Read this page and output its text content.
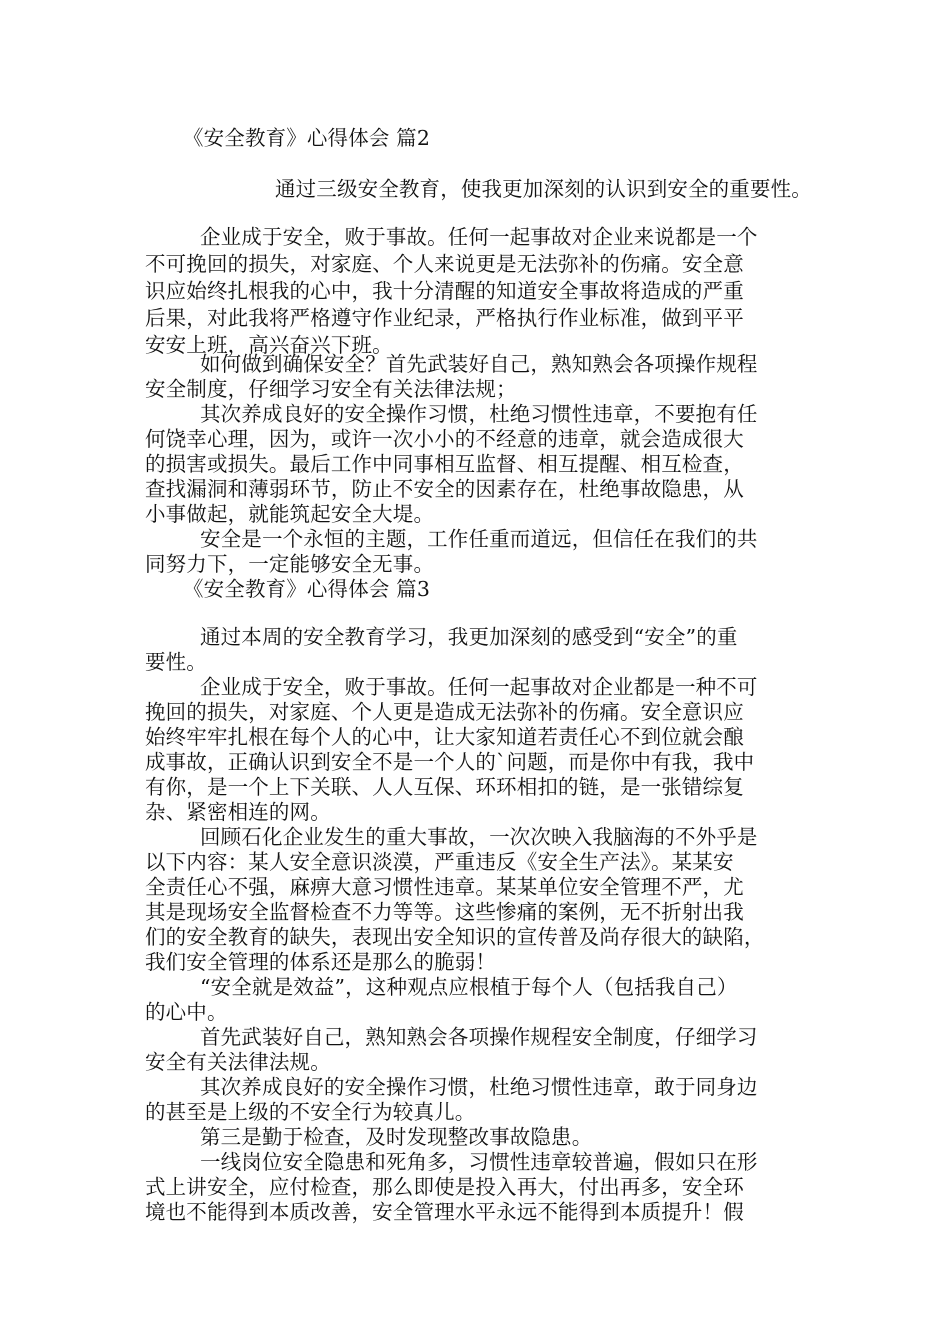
《安全教育》心得体会 篇2
通过三级安全教育，使我更加深刻的认识到安全的重要性。
企业成于安全，败于事故。任何一起事故对企业来说都是一个
不可挽回的损失，对家庭、个人来说更是无法弥补的伤痛。安全意
识应始终扎根我的心中，我十分清醒的知道安全事故将造成的严重
后果，对此我将严格遵守作业纪录，严格执行作业标准，做到平平
安安上班，高兴奋兴下班。
如何做到确保安全？首先武装好自己，熟知熟会各项操作规程
安全制度，仔细学习安全有关法律法规；
其次养成良好的安全操作习惯，杜绝习惯性违章，不要抱有任
何饶幸心理，因为，或许一次小小的不经意的违章，就会造成很大
的损害或损失。最后工作中同事相互监督、相互提醒、相互检查，
查找漏洞和薄弱环节，防止不安全的因素存在，杜绝事故隐患，从
小事做起，就能筑起安全大堤。
安全是一个永恒的主题，工作任重而道远，但信任在我们的共
同努力下，一定能够安全无事。
《安全教育》心得体会 篇3
通过本周的安全教育学习，我更加深刻的感受到“安全”的重
要性。
企业成于安全，败于事故。任何一起事故对企业都是一种不可
挽回的损失，对家庭、个人更是造成无法弥补的伤痛。安全意识应
始终牢牢扎根在每个人的心中，让大家知道若责任心不到位就会酿
成事故，正确认识到安全不是一个人的`问题，而是你中有我，我中
有你，是一个上下关联、人人互保、环环相扣的链，是一张错综复
杂、紧密相连的网。
回顾石化企业发生的重大事故，一次次映入我脑海的不外乎是
以下内容：某人安全意识淡漠，严重违反《安全生产法》。某某安
全责任心不强，麻痹大意习惯性违章。某某单位安全管理不严，尤
其是现场安全监督检查不力等等。这些惨痛的案例，无不折射出我
们的安全教育的缺失，表现出安全知识的宣传普及尚存很大的缺陷，
我们安全管理的体系还是那么的脆弱！
“安全就是效益”，这种观点应根植于每个人（包括我自己）
的心中。
首先武装好自己，熟知熟会各项操作规程安全制度，仔细学习
安全有关法律法规。
其次养成良好的安全操作习惯，杜绝习惯性违章，敢于同身边
的甚至是上级的不安全行为较真儿。
第三是勤于检查，及时发现整改事故隐患。
一线岗位安全隐患和死角多，习惯性违章较普遍，假如只在形
式上讲安全，应付检查，那么即使是投入再大，付出再多，安全环
境也不能得到本质改善，安全管理水平永远不能得到本质提升！假
